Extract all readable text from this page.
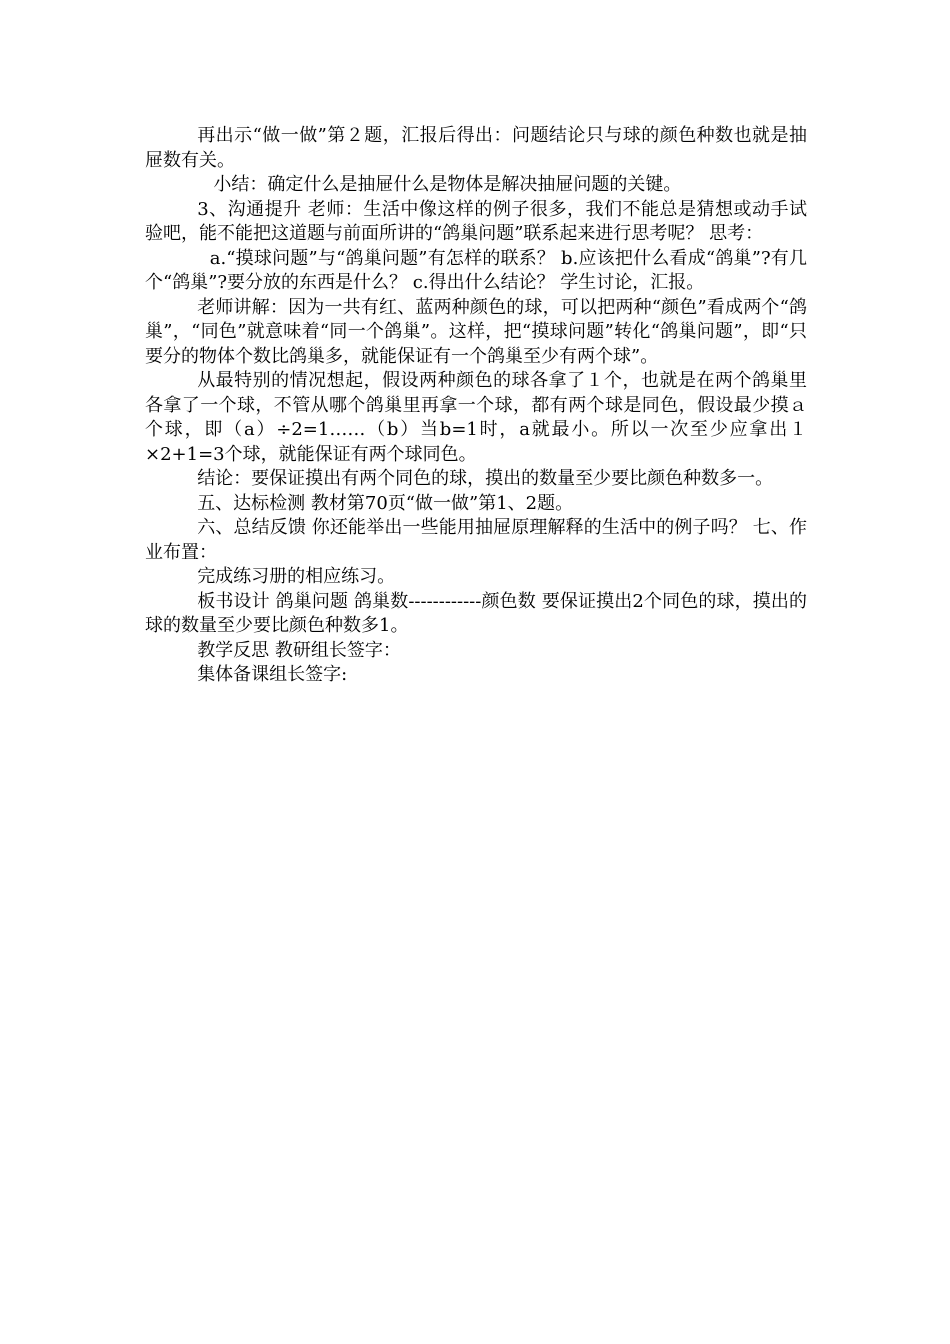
再出示“做一做”第２题，汇报后得出：问题结论只与球的颜色种数也就是抽屉数有关。

小结：确定什么是抽屉什么是物体是解决抽屉问题的关键。

3、沟通提升 老师：生活中像这样的例子很多，我们不能总是猜想或动手试验吧，能不能把这道题与前面所讲的“鸽巢问题”联系起来进行思考呢？ 思考：

a.“摸球问题”与“鸽巢问题”有怎样的联系？ b.应该把什么看成“鸽巢”?有几个“鸽巢”?要分放的东西是什么？ c.得出什么结论？ 学生讨论，汇报。

老师讲解：因为一共有红、蓝两种颜色的球，可以把两种“颜色”看成两个“鸽巢”，“同色”就意味着“同一个鸽巢”。这样，把“摸球问题”转化“鸽巢问题”，即“只要分的物体个数比鸽巢多，就能保证有一个鸽巢至少有两个球”。

从最特别的情况想起，假设两种颜色的球各拿了１个，也就是在两个鸽巢里各拿了一个球，不管从哪个鸽巢里再拿一个球，都有两个球是同色，假设最少摸ａ个球，即（a）÷2=1……（b）当b=1时，a就最小。所以一次至少应拿出１×2+1=3个球，就能保证有两个球同色。

结论：要保证摸出有两个同色的球，摸出的数量至少要比颜色种数多一。

五、达标检测 教材第70页“做一做”第1、2题。

六、总结反馈 你还能举出一些能用抽屉原理解释的生活中的例子吗？ 七、作业布置：

完成练习册的相应练习。

板书设计 鸽巢问题 鸽巢数------------颜色数 要保证摸出2个同色的球，摸出的球的数量至少要比颜色种数多1。

教学反思 教研组长签字：

集体备课组长签字:
